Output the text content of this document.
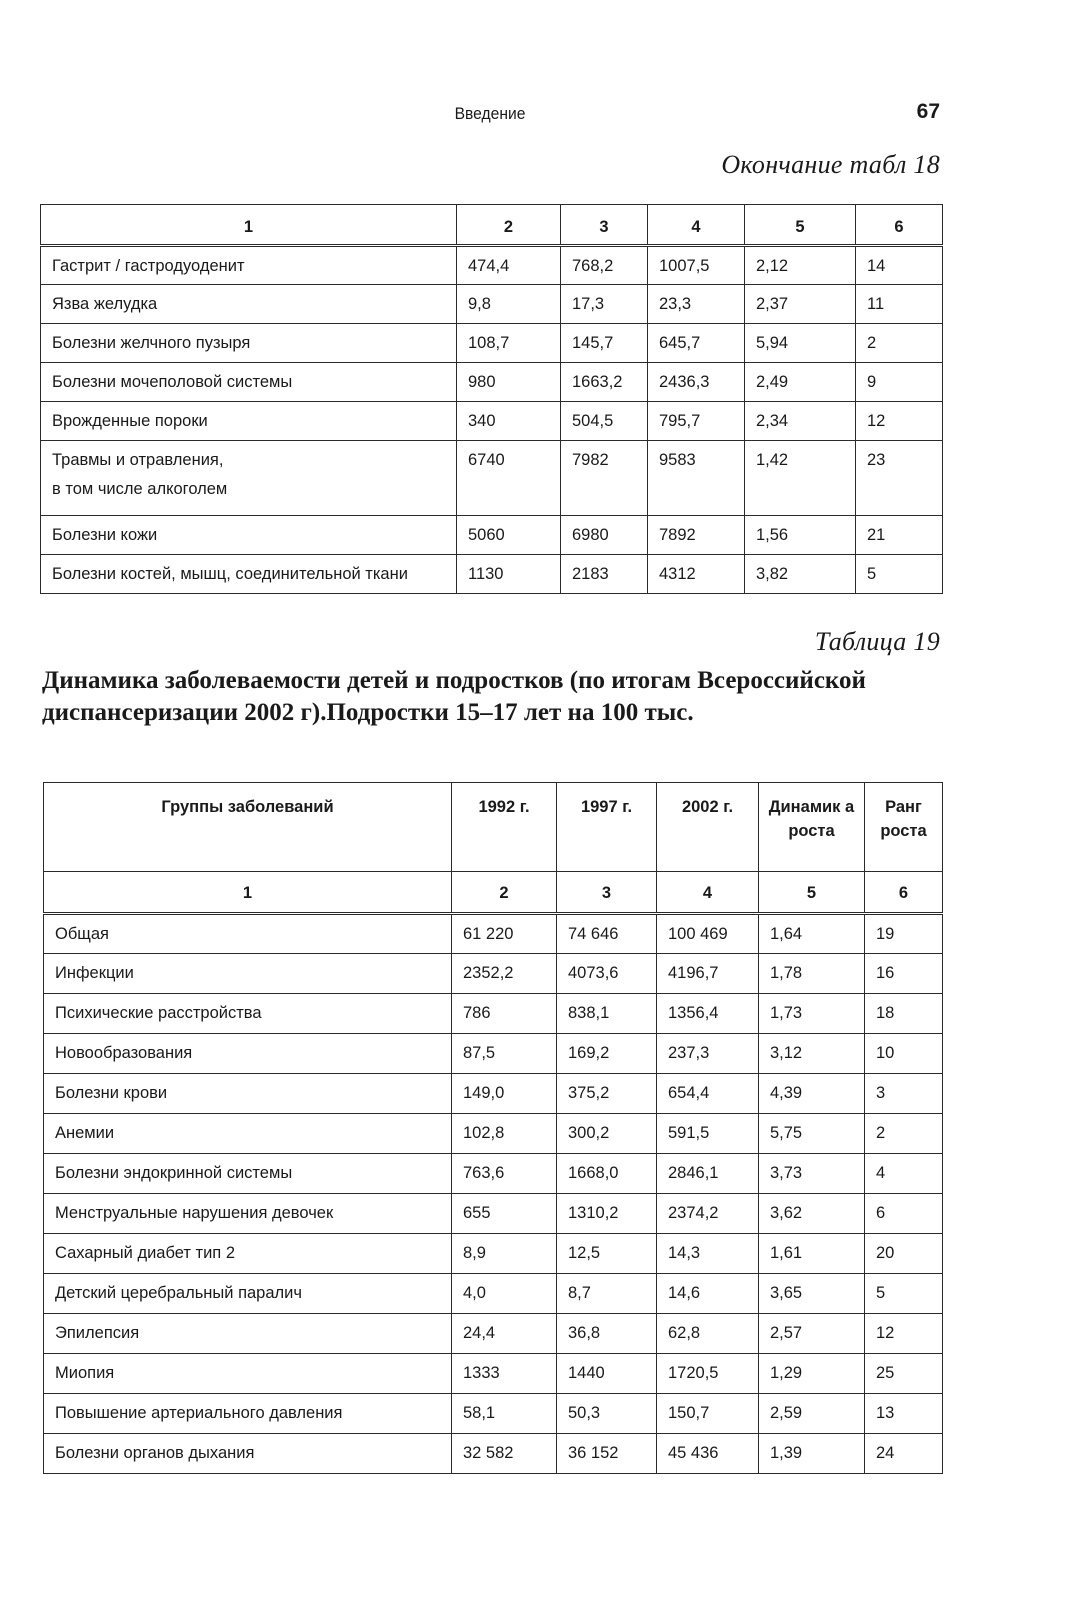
Введение	67
Окончание табл 18
1	2	3	4	5	6
Гастрит / гастродуоденит	474,4	768,2	1007,5	2,12	14
Язва желудка	9,8	17,3	23,3	2,37	11
Болезни желчного пузыря	108,7	145,7	645,7	5,94	2
Болезни мочеполовой системы	980	1663,2	2436,3	2,49	9
Врожденные пороки	340	504,5	795,7	2,34	12
Травмы и отравления,
в том числе алкоголем	6740	7982	9583	1,42	23
Болезни кожи	5060	6980	7892	1,56	21
Болезни костей, мышц, соединительной ткани	1130	2183	4312	3,82	5
Таблица 19
Динамика заболеваемости детей и подростков (по итогам Всероссийской диспансеризации 2002 г).Подростки 15–17 лет на 100 тыс.
Группы заболеваний	1992 г.	1997 г.	2002 г.	Динамик а роста	Ранг роста
1	2	3	4	5	6
Общая	61 220	74 646	100 469	1,64	19
Инфекции	2352,2	4073,6	4196,7	1,78	16
Психические расстройства	786	838,1	1356,4	1,73	18
Новообразования	87,5	169,2	237,3	3,12	10
Болезни крови	149,0	375,2	654,4	4,39	3
Анемии	102,8	300,2	591,5	5,75	2
Болезни эндокринной системы	763,6	1668,0	2846,1	3,73	4
Менструальные нарушения девочек	655	1310,2	2374,2	3,62	6
Сахарный диабет тип 2	8,9	12,5	14,3	1,61	20
Детский церебральный паралич	4,0	8,7	14,6	3,65	5
Эпилепсия	24,4	36,8	62,8	2,57	12
Миопия	1333	1440	1720,5	1,29	25
Повышение артериального давления	58,1	50,3	150,7	2,59	13
Болезни органов дыхания	32 582	36 152	45 436	1,39	24
